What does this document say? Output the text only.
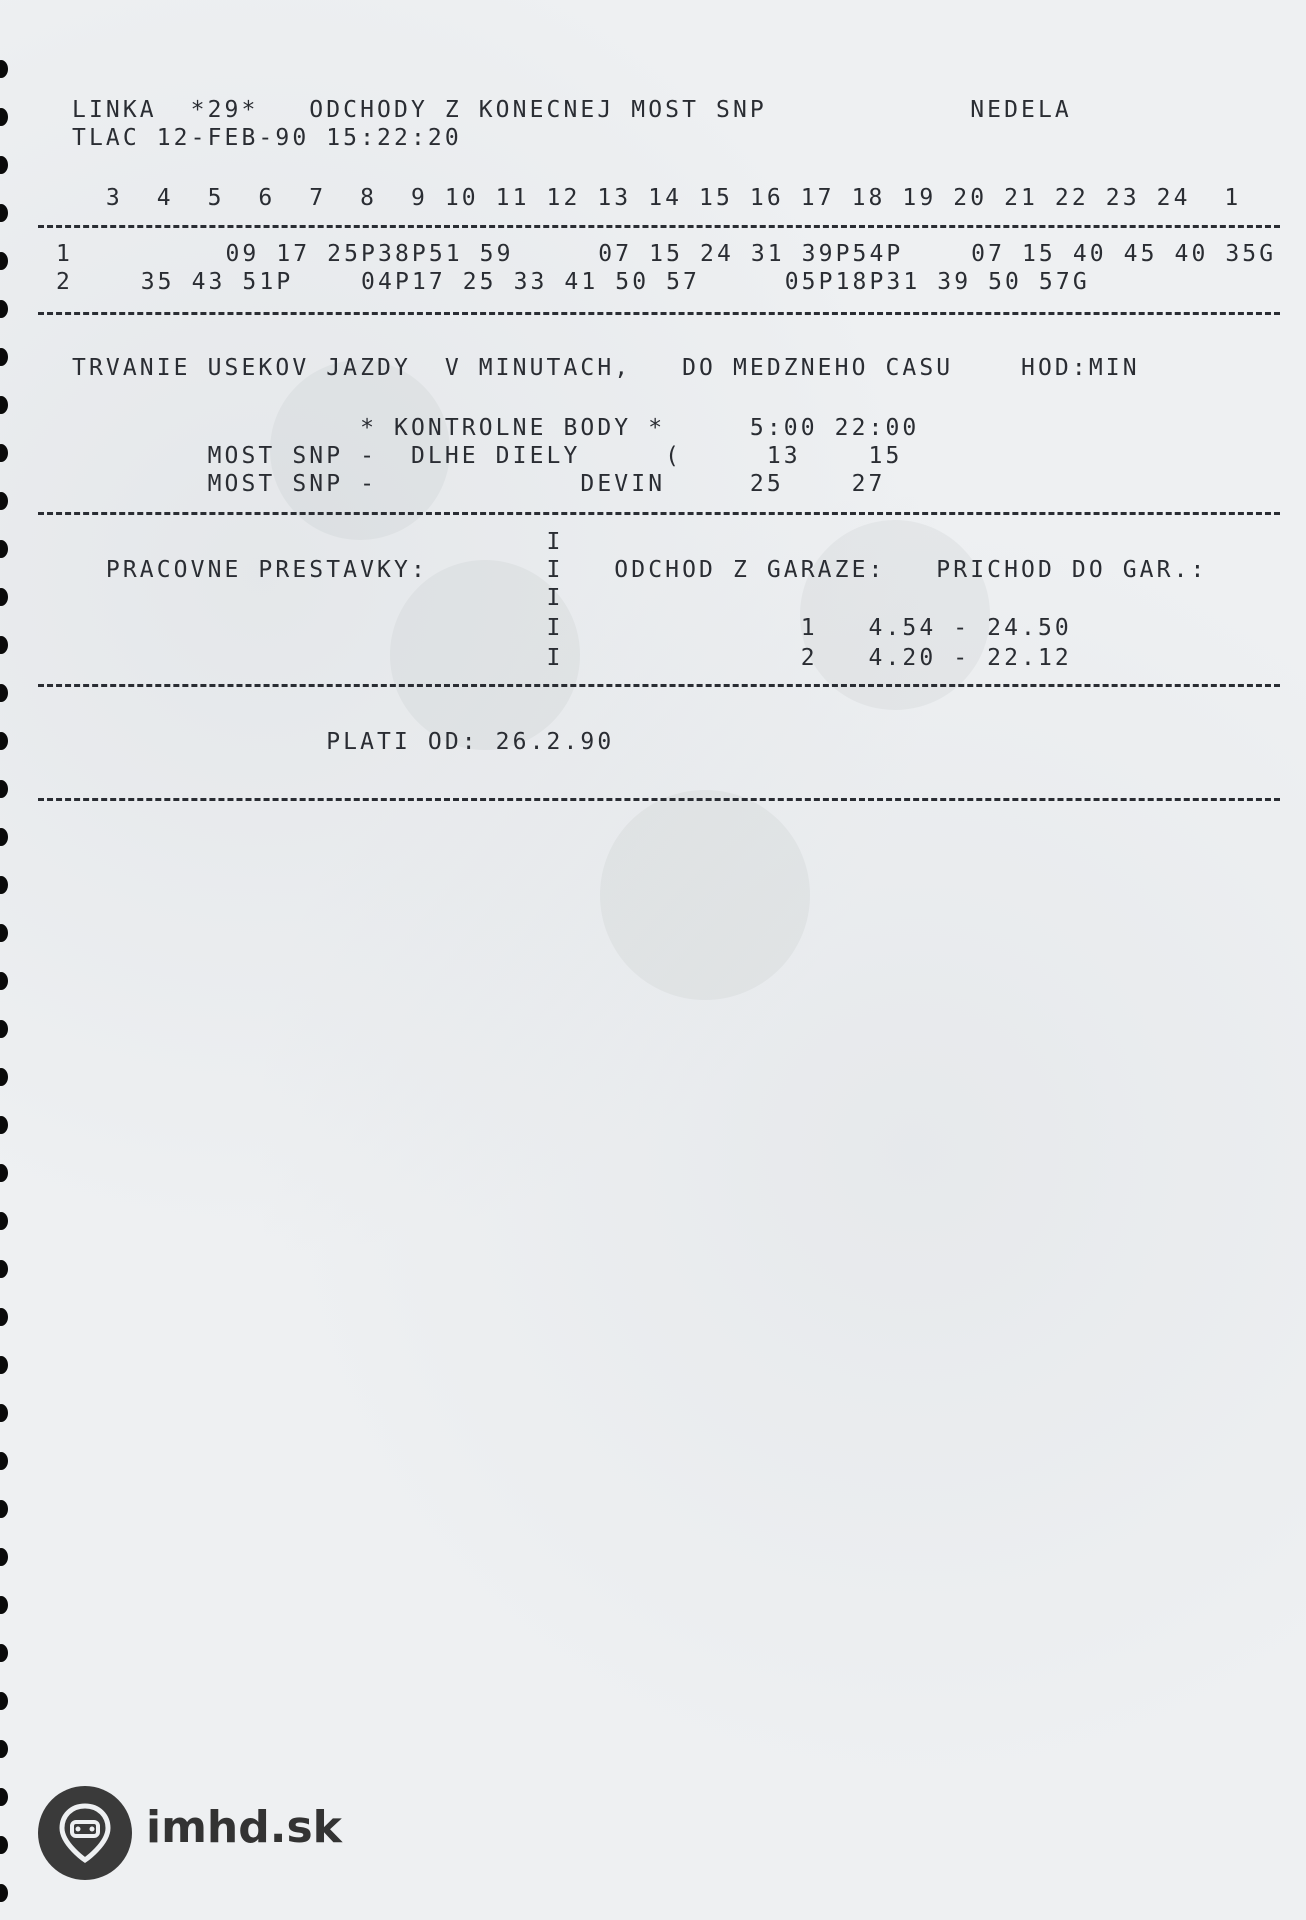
LINKA  *29*   ODCHODY Z KONECNEJ MOST SNP            NEDELA
TLAC 12-FEB-90 15:22:20
3  4  5  6  7  8  9 10 11 12 13 14 15 16 17 18 19 20 21 22 23 24  1
1         09 17 25P38P51 59     07 15 24 31 39P54P    07 15 40 45 40 35G
2    35 43 51P    04P17 25 33 41 50 57     05P18P31 39 50 57G
TRVANIE USEKOV JAZDY  V MINUTACH,   DO MEDZNEHO CASU    HOD:MIN
* KONTROLNE BODY *     5:00 22:00
MOST SNP -  DLHE DIELY     (     13    15
MOST SNP -            DEVIN     25    27
I
PRACOVNE PRESTAVKY:       I   ODCHOD Z GARAZE:   PRICHOD DO GAR.:
I
I              1   4.54 - 24.50
I              2   4.20 - 22.12
PLATI OD: 26.2.90
imhd.sk
